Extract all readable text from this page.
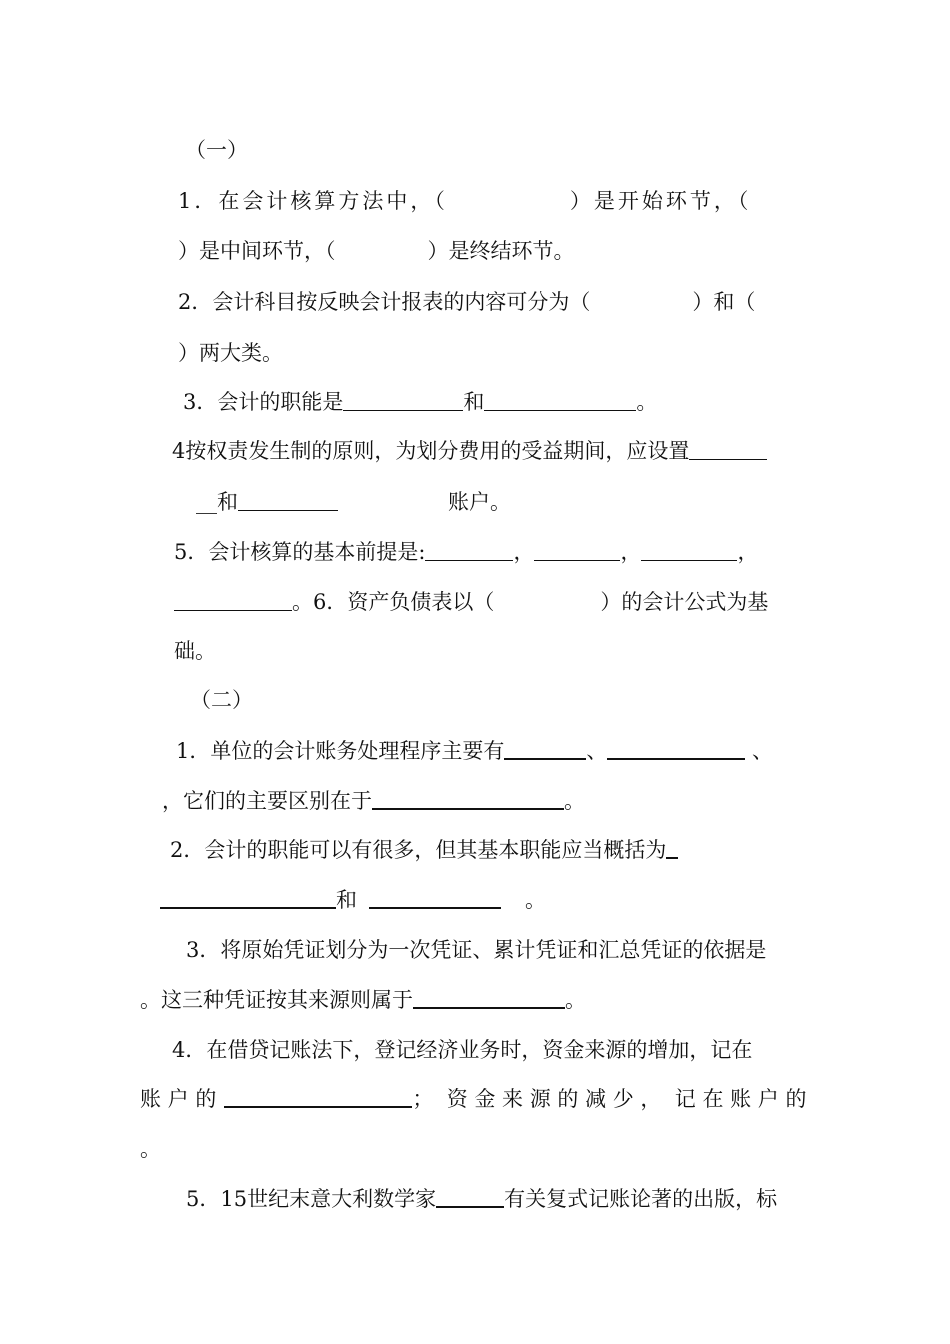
（一）
1．在会计核算方法中，（	）是开始环节，（
）是中间环节，（	）是终结环节。
2．会计科目按反映会计报表的内容可分为（	）和（
）两大类。
3．会计的职能是	和	。
4按权责发生制的原则，为划分费用的受益期间，应设置
__和	账户。
5．会计核算的基本前提是:	，	，	，
。6．资产负债表以（	）的会计公式为基
础。
（二）
1．单位的会计账务处理程序主要有	、	、
，它们的主要区别在于	。
2．会计的职能可以有很多，但其基本职能应当概括为
和	。
3．将原始凭证划分为一次凭证、累计凭证和汇总凭证的依据是
。这三种凭证按其来源则属于	。
4．在借贷记账法下，登记经济业务时，资金来源的增加，记在
账 户 的	；  资 金 来 源 的 减 少 ，  记 在 账 户 的
。
5．15世纪末意大利数学家	有关复式记账论著的出版，标
